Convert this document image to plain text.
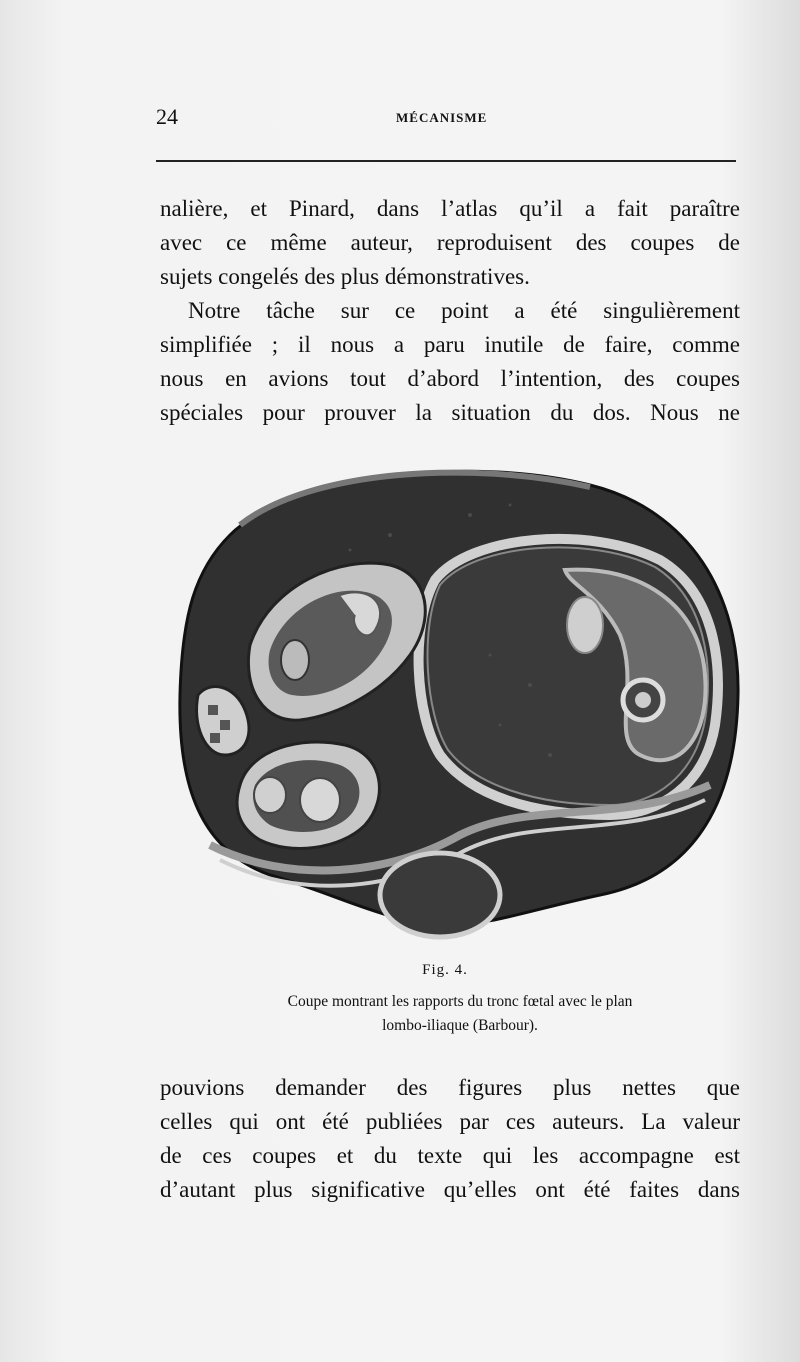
24	MÉCANISME

nalière, et Pinard, dans l’atlas qu’il a fait paraître
avec ce même auteur, reproduisent des coupes de
sujets congelés des plus démonstratives.

Notre tâche sur ce point a été singulièrement
simplifiée ; il nous a paru inutile de faire, comme
nous en avions tout d’abord l’intention, des coupes
spéciales pour prouver la situation du dos. Nous ne

Fig. 4.
Coupe montrant les rapports du tronc fœtal avec le plan
lombo-iliaque (Barbour).

pouvions demander des figures plus nettes que
celles qui ont été publiées par ces auteurs. La valeur
de ces coupes et du texte qui les accompagne est
d’autant plus significative qu’elles ont été faites dans
